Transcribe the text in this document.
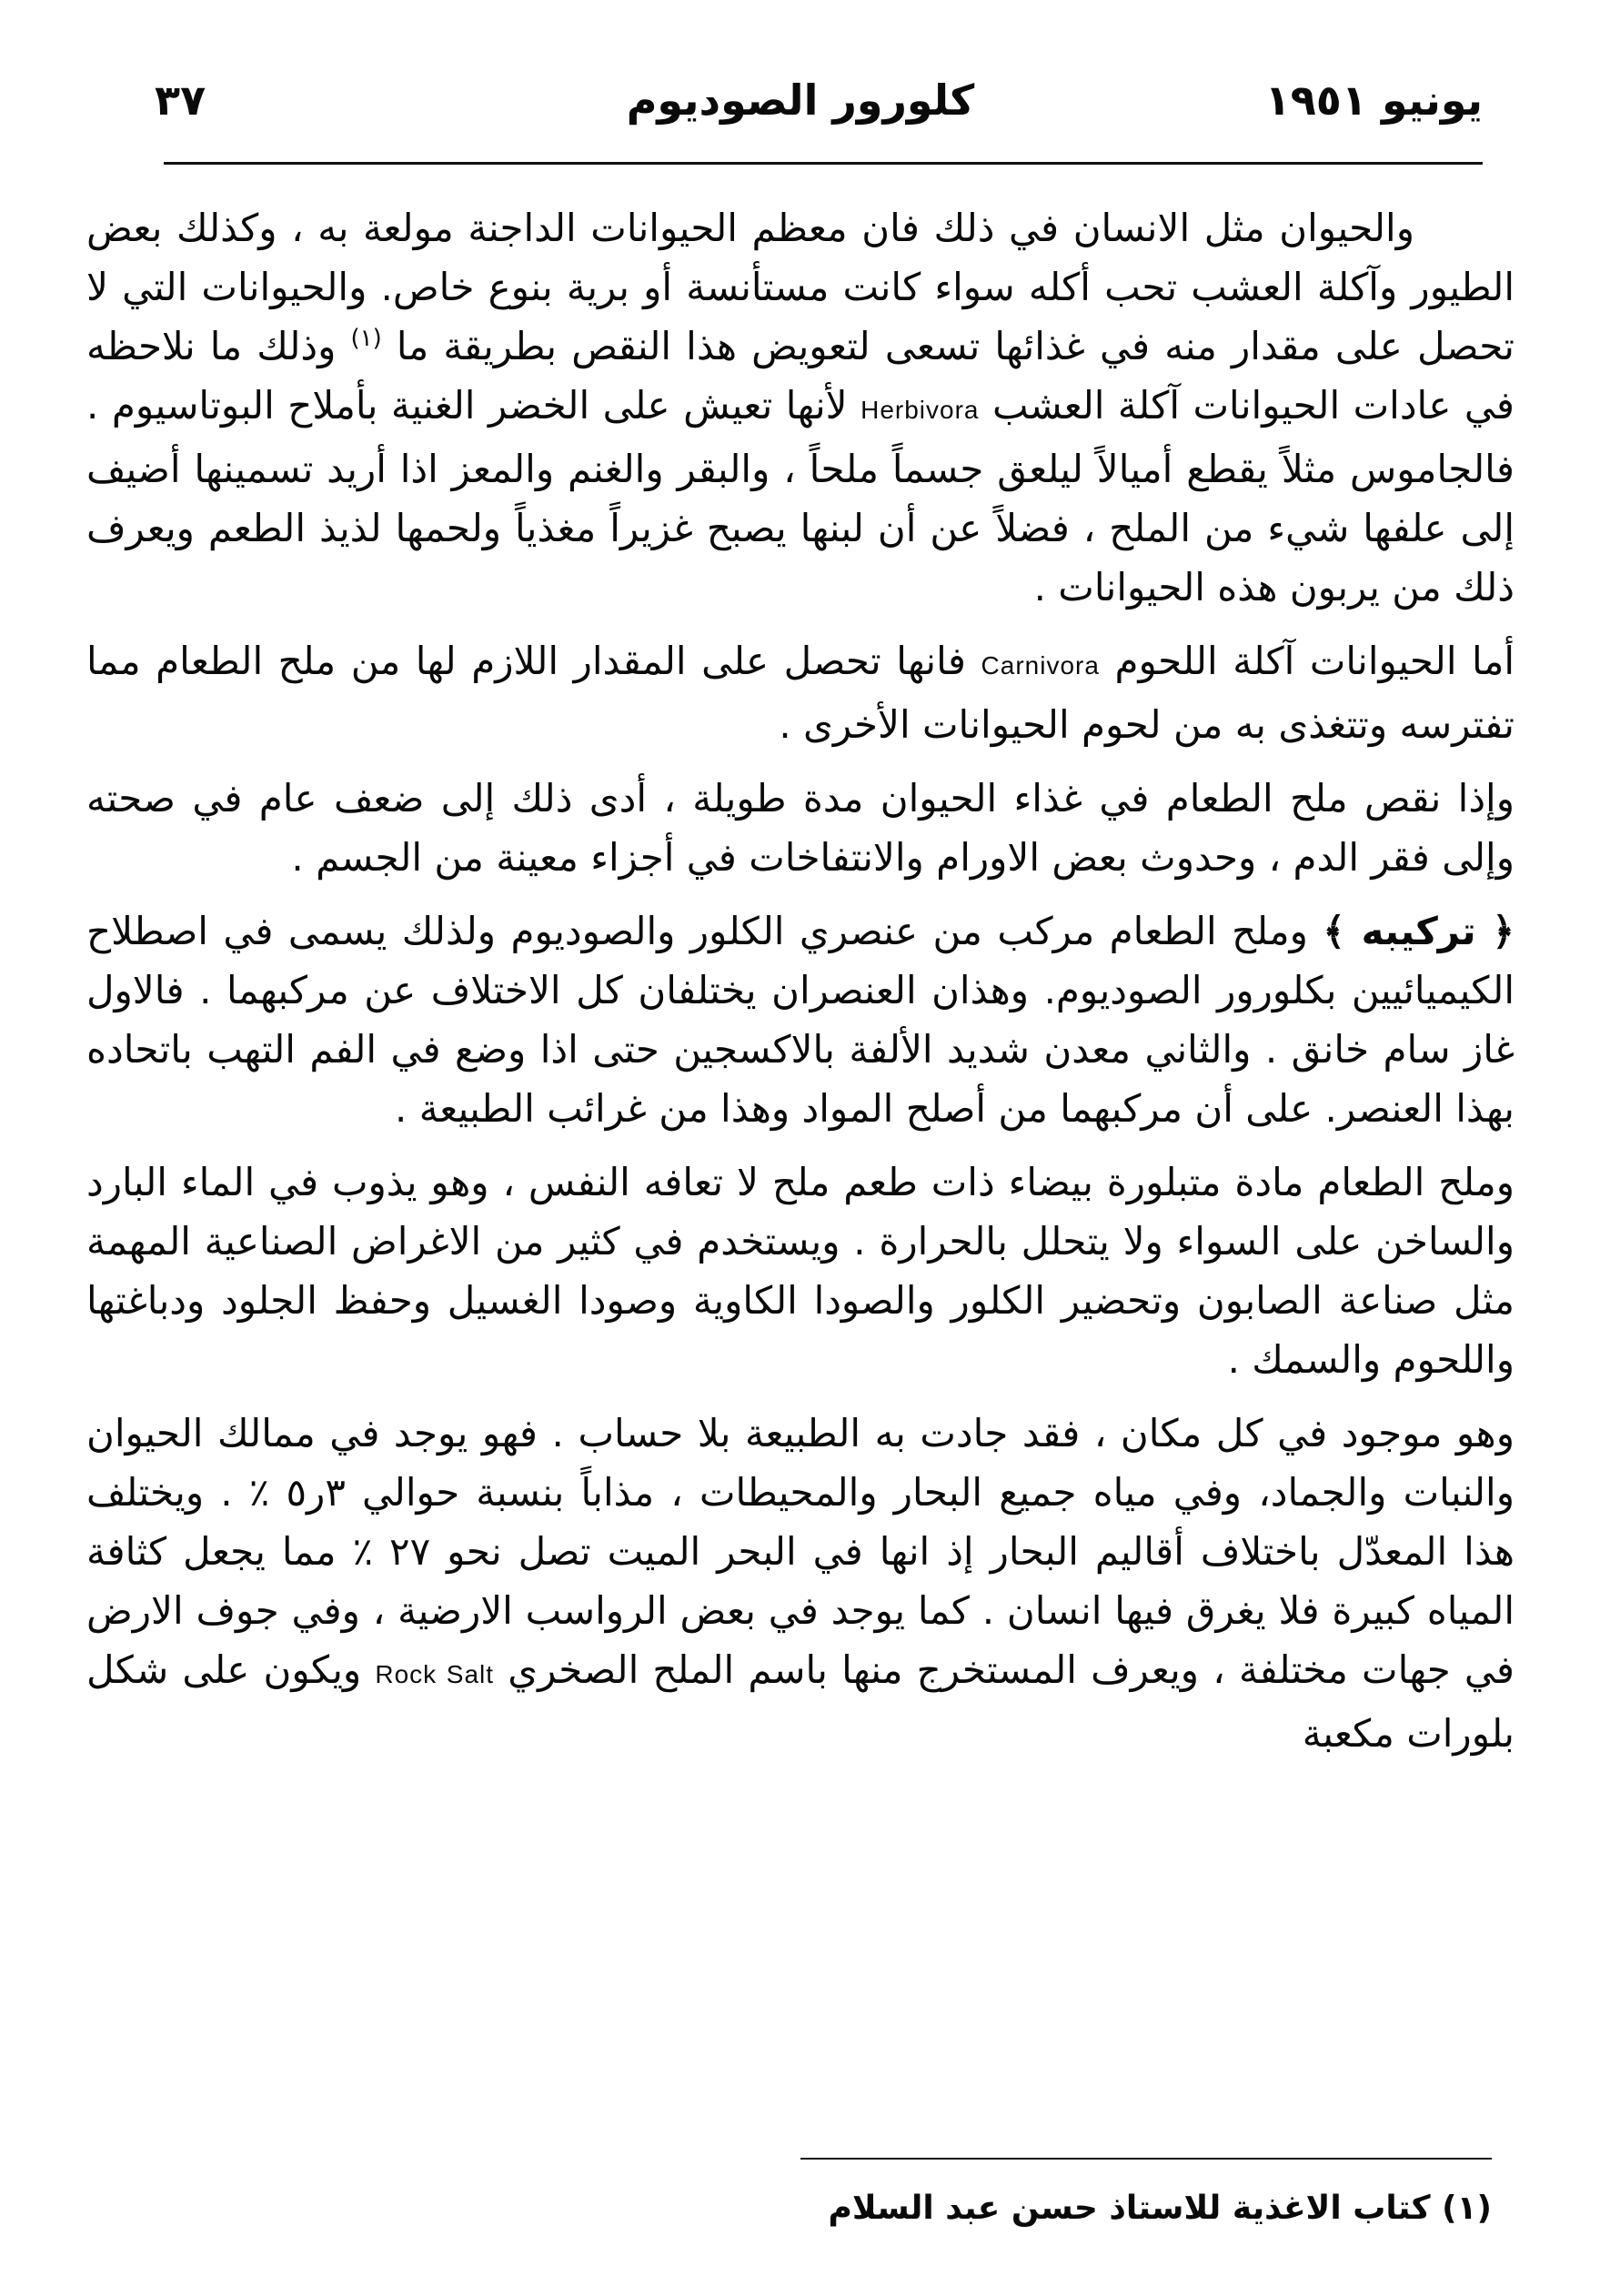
يونيو ١٩٥١
كلورور الصوديوم
٣٧

والحيوان مثل الانسان في ذلك فان معظم الحيوانات الداجنة مولعة به ، وكذلك بعض الطيور وآكلة العشب تحب أكله سواء كانت مستأنسة أو برية بنوع خاص. والحيوانات التي لا تحصل على مقدار منه في غذائها تسعى لتعويض هذا النقص بطريقة ما $^{(١)}$ وذلك ما نلاحظه في عادات الحيوانات آكلة العشب Herbivora لأنها تعيش على الخضر الغنية بأملاح البوتاسيوم . فالجاموس مثلاً يقطع أميالاً ليلعق جسماً ملحاً ، والبقر والغنم والمعز اذا أريد تسمينها أضيف إلى علفها شيء من الملح ، فضلاً عن أن لبنها يصبح غزيراً مغذياً ولحمها لذيذ الطعم ويعرف ذلك من يربون هذه الحيوانات .

أما الحيوانات آكلة اللحوم Carnivora فانها تحصل على المقدار اللازم لها من ملح الطعام مما تفترسه وتتغذى به من لحوم الحيوانات الأخرى .

وإذا نقص ملح الطعام في غذاء الحيوان مدة طويلة ، أدى ذلك إلى ضعف عام في صحته وإلى فقر الدم ، وحدوث بعض الاورام والانتفاخات في أجزاء معينة من الجسم .

﴿ تركيبه ﴾ وملح الطعام مركب من عنصري الكلور والصوديوم ولذلك يسمى في اصطلاح الكيميائيين بكلورور الصوديوم. وهذان العنصران يختلفان كل الاختلاف عن مركبهما . فالاول غاز سام خانق . والثاني معدن شديد الألفة بالاكسجين حتى اذا وضع في الفم التهب باتحاده بهذا العنصر. على أن مركبهما من أصلح المواد وهذا من غرائب الطبيعة .

وملح الطعام مادة متبلورة بيضاء ذات طعم ملح لا تعافه النفس ، وهو يذوب في الماء البارد والساخن على السواء ولا يتحلل بالحرارة . ويستخدم في كثير من الاغراض الصناعية المهمة مثل صناعة الصابون وتحضير الكلور والصودا الكاوية وصودا الغسيل وحفظ الجلود ودباغتها واللحوم والسمك .

وهو موجود في كل مكان ، فقد جادت به الطبيعة بلا حساب . فهو يوجد في ممالك الحيوان والنبات والجماد، وفي مياه جميع البحار والمحيطات ، مذاباً بنسبة حوالي ٣ر٥ ٪ . ويختلف هذا المعدّل باختلاف أقاليم البحار إذ انها في البحر الميت تصل نحو ٢٧ ٪ مما يجعل كثافة المياه كبيرة فلا يغرق فيها انسان . كما يوجد في بعض الرواسب الارضية ، وفي جوف الارض في جهات مختلفة ، ويعرف المستخرج منها باسم الملح الصخري Rock Salt ويكون على شكل بلورات مكعبة

(١) كتاب الاغذية للاستاذ حسن عبد السلام
